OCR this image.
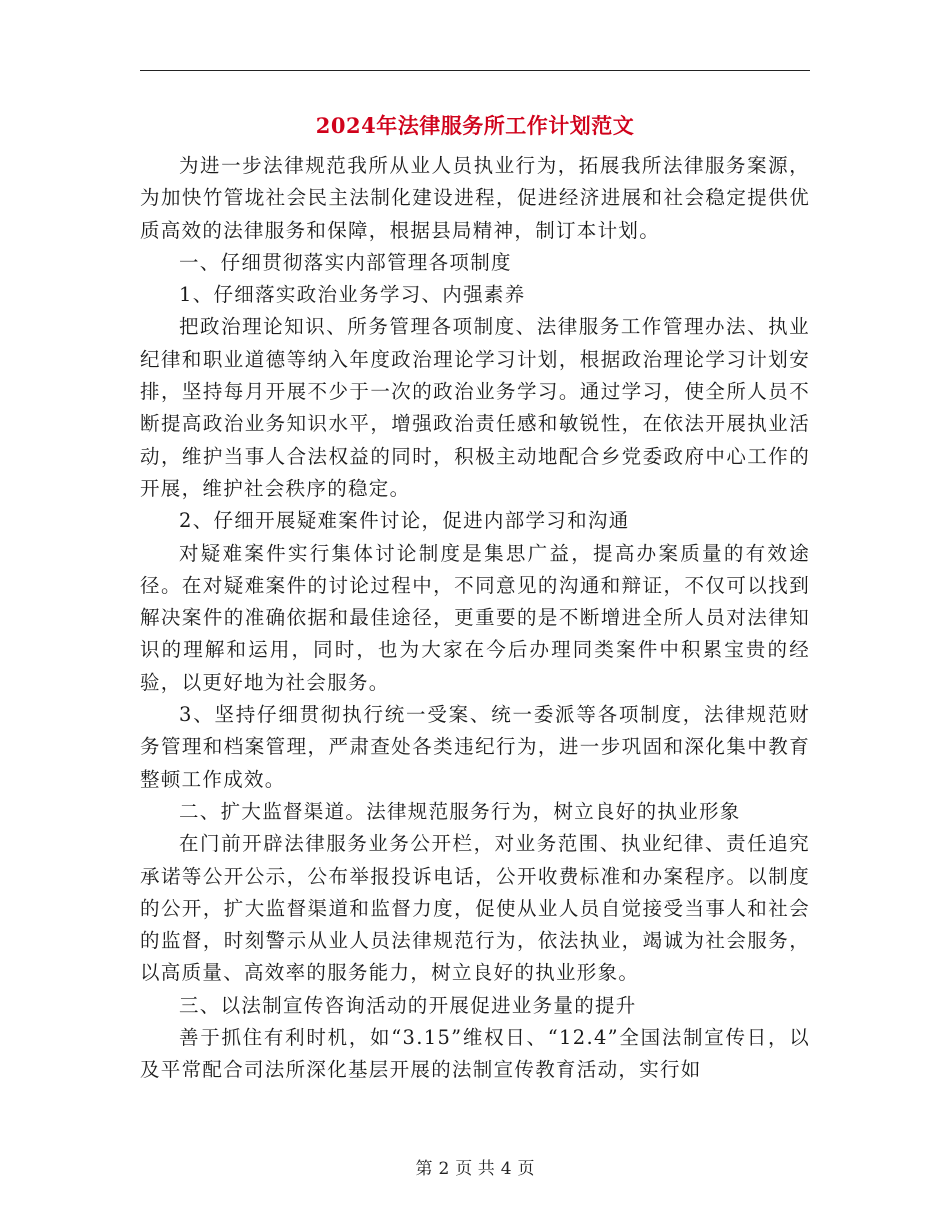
2024年法律服务所工作计划范文

为进一步法律规范我所从业人员执业行为，拓展我所法律服务案源，为加快竹管垅社会民主法制化建设进程，促进经济进展和社会稳定提供优质高效的法律服务和保障，根据县局精神，制订本计划。

一、仔细贯彻落实内部管理各项制度

1、仔细落实政治业务学习、内强素养

把政治理论知识、所务管理各项制度、法律服务工作管理办法、执业纪律和职业道德等纳入年度政治理论学习计划，根据政治理论学习计划安排，坚持每月开展不少于一次的政治业务学习。通过学习，使全所人员不断提高政治业务知识水平，增强政治责任感和敏锐性，在依法开展执业活动，维护当事人合法权益的同时，积极主动地配合乡党委政府中心工作的开展，维护社会秩序的稳定。

2、仔细开展疑难案件讨论，促进内部学习和沟通

对疑难案件实行集体讨论制度是集思广益，提高办案质量的有效途径。在对疑难案件的讨论过程中，不同意见的沟通和辩证，不仅可以找到解决案件的准确依据和最佳途径，更重要的是不断增进全所人员对法律知识的理解和运用，同时，也为大家在今后办理同类案件中积累宝贵的经验，以更好地为社会服务。

3、坚持仔细贯彻执行统一受案、统一委派等各项制度，法律规范财务管理和档案管理，严肃查处各类违纪行为，进一步巩固和深化集中教育整顿工作成效。

二、扩大监督渠道。法律规范服务行为，树立良好的执业形象

在门前开辟法律服务业务公开栏，对业务范围、执业纪律、责任追究承诺等公开公示，公布举报投诉电话，公开收费标准和办案程序。以制度的公开，扩大监督渠道和监督力度，促使从业人员自觉接受当事人和社会的监督，时刻警示从业人员法律规范行为，依法执业，竭诚为社会服务，以高质量、高效率的服务能力，树立良好的执业形象。

三、以法制宣传咨询活动的开展促进业务量的提升

善于抓住有利时机，如“3.15”维权日、“12.4”全国法制宣传日，以及平常配合司法所深化基层开展的法制宣传教育活动，实行如

第 2 页 共 4 页
